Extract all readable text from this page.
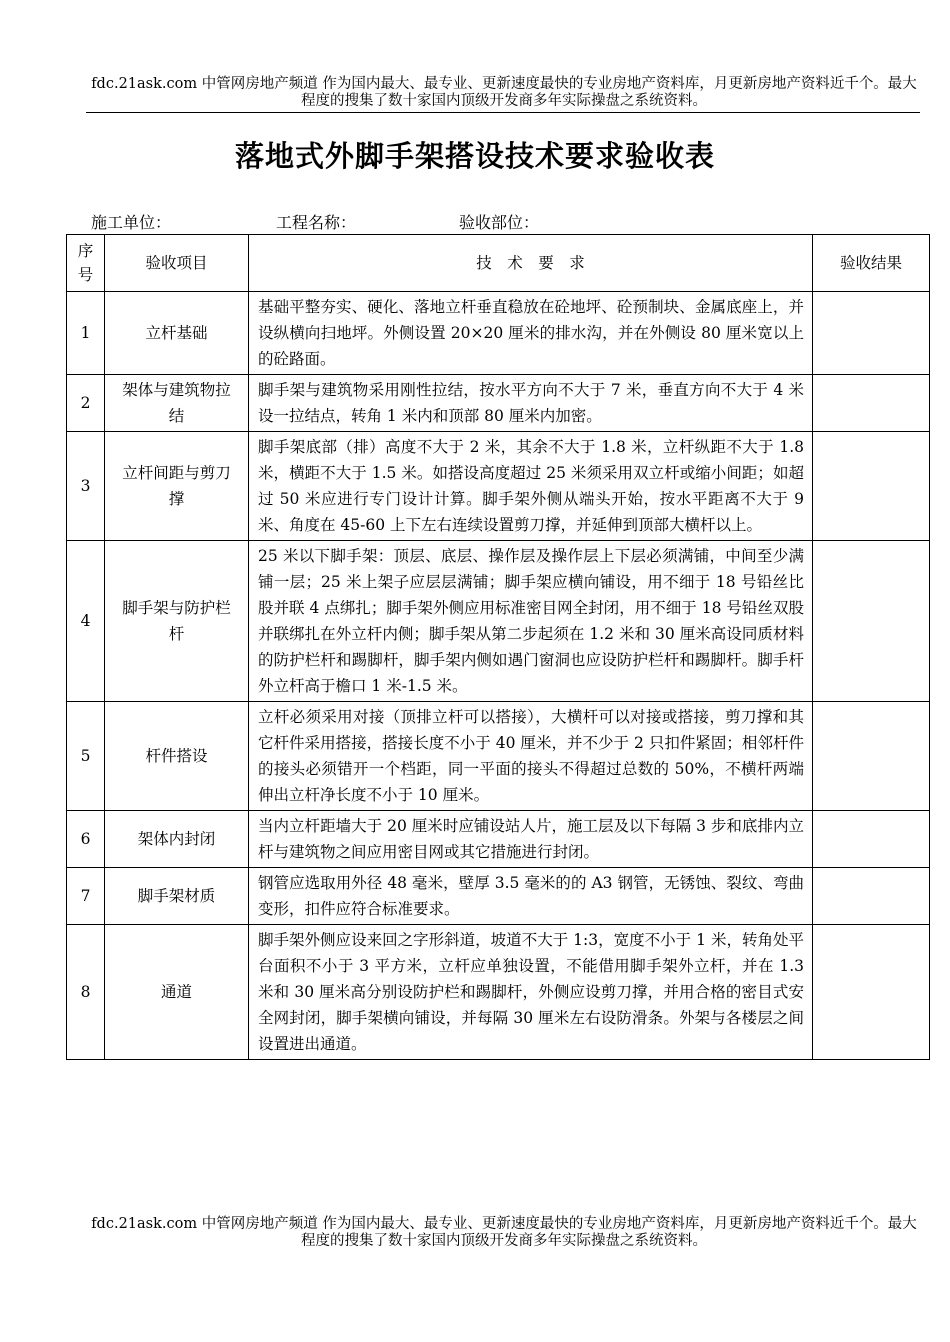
fdc.21ask.com 中管网房地产频道 作为国内最大、最专业、更新速度最快的专业房地产资料库，月更新房地产资料近千个。最大程度的搜集了数十家国内顶级开发商多年实际操盘之系统资料。
落地式外脚手架搭设技术要求验收表
施工单位：	工程名称：	验收部位：
序号	验收项目	技　术　要　求	验收结果
1	立杆基础	基础平整夯实、硬化、落地立杆垂直稳放在砼地坪、砼预制块、金属底座上，并设纵横向扫地坪。外侧设置 20×20 厘米的排水沟，并在外侧设 80 厘米宽以上的砼路面。	
2	架体与建筑物拉结	脚手架与建筑物采用刚性拉结，按水平方向不大于 7 米，垂直方向不大于 4 米设一拉结点，转角 1 米内和顶部 80 厘米内加密。	
3	立杆间距与剪刀撑	脚手架底部（排）高度不大于 2 米，其余不大于 1.8 米，立杆纵距不大于 1.8 米，横距不大于 1.5 米。如搭设高度超过 25 米须采用双立杆或缩小间距；如超过 50 米应进行专门设计计算。脚手架外侧从端头开始，按水平距离不大于 9 米、角度在 45-60 上下左右连续设置剪刀撑，并延伸到顶部大横杆以上。	
4	脚手架与防护栏杆	25 米以下脚手架：顶层、底层、操作层及操作层上下层必须满铺，中间至少满铺一层；25 米上架子应层层满铺；脚手架应横向铺设，用不细于 18 号铅丝比股并联 4 点绑扎；脚手架外侧应用标准密目网全封闭，用不细于 18 号铅丝双股并联绑扎在外立杆内侧；脚手架从第二步起须在 1.2 米和 30 厘米高设同质材料的防护栏杆和踢脚杆，脚手架内侧如遇门窗洞也应设防护栏杆和踢脚杆。脚手杆外立杆高于檐口 1 米-1.5 米。	
5	杆件搭设	立杆必须采用对接（顶排立杆可以搭接），大横杆可以对接或搭接，剪刀撑和其它杆件采用搭接，搭接长度不小于 40 厘米，并不少于 2 只扣件紧固；相邻杆件的接头必须错开一个档距，同一平面的接头不得超过总数的 50%，不横杆两端伸出立杆净长度不小于 10 厘米。	
6	架体内封闭	当内立杆距墙大于 20 厘米时应铺设站人片，施工层及以下每隔 3 步和底排内立杆与建筑物之间应用密目网或其它措施进行封闭。	
7	脚手架材质	钢管应选取用外径 48 毫米，壁厚 3.5 毫米的的 A3 钢管，无锈蚀、裂纹、弯曲变形，扣件应符合标准要求。	
8	通道	脚手架外侧应设来回之字形斜道，坡道不大于 1:3，宽度不小于 1 米，转角处平台面积不小于 3 平方米，立杆应单独设置，不能借用脚手架外立杆，并在 1.3 米和 30 厘米高分别设防护栏和踢脚杆，外侧应设剪刀撑，并用合格的密目式安全网封闭，脚手架横向铺设，并每隔 30 厘米左右设防滑条。外架与各楼层之间设置进出通道。	
fdc.21ask.com 中管网房地产频道 作为国内最大、最专业、更新速度最快的专业房地产资料库，月更新房地产资料近千个。最大程度的搜集了数十家国内顶级开发商多年实际操盘之系统资料。
